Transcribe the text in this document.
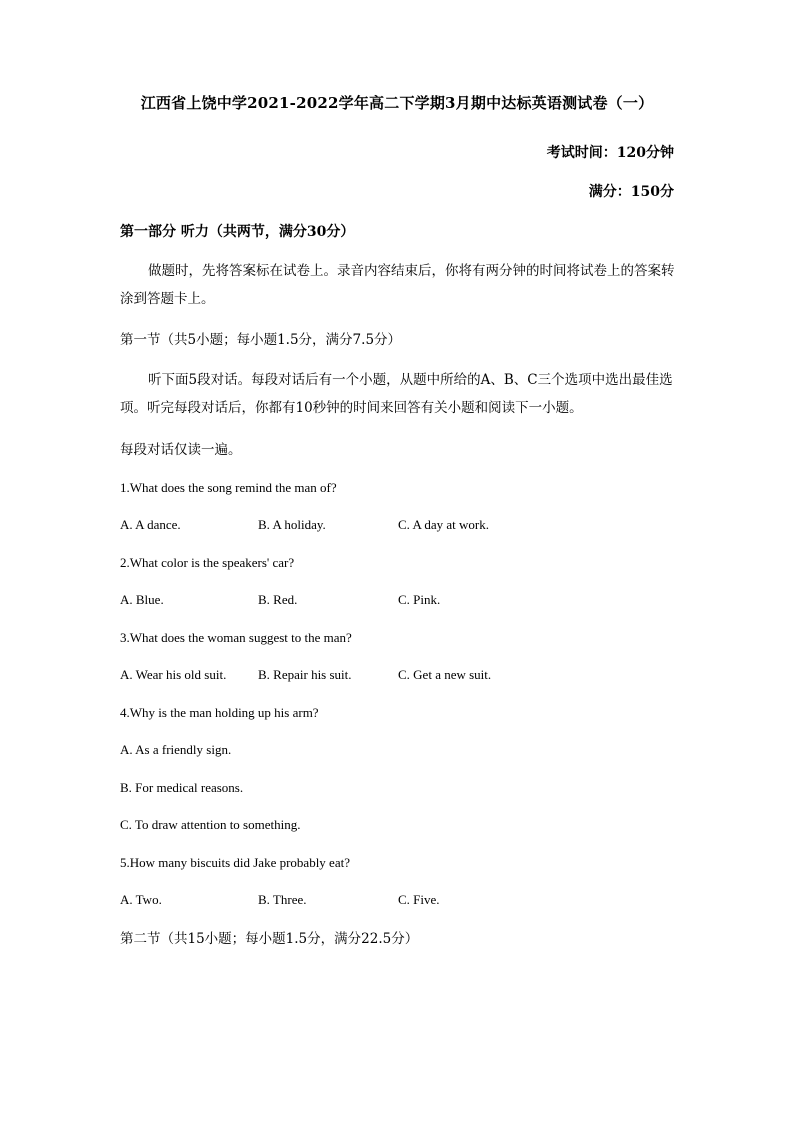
江西省上饶中学2021-2022学年高二下学期3月期中达标英语测试卷（一）
考试时间：120分钟
满分：150分
第一部分 听力（共两节，满分30分）
做题时，先将答案标在试卷上。录音内容结束后，你将有两分钟的时间将试卷上的答案转涂到答题卡上。
第一节（共5小题；每小题1.5分，满分7.5分）
听下面5段对话。每段对话后有一个小题，从题中所给的A、B、C三个选项中选出最佳选项。听完每段对话后，你都有10秒钟的时间来回答有关小题和阅读下一小题。
每段对话仅读一遍。
1.What does the song remind the man of?
A. A dance.	B. A holiday.	C. A day at work.
2.What color is the speakers' car?
A. Blue.	B. Red.	C. Pink.
3.What does the woman suggest to the man?
A. Wear his old suit. B. Repair his suit.	C. Get a new suit.
4.Why is the man holding up his arm?
A. As a friendly sign.
B. For medical reasons.
C. To draw attention to something.
5.How many biscuits did Jake probably eat?
A. Two.	B. Three.	C. Five.
第二节（共15小题；每小题1.5分，满分22.5分）
